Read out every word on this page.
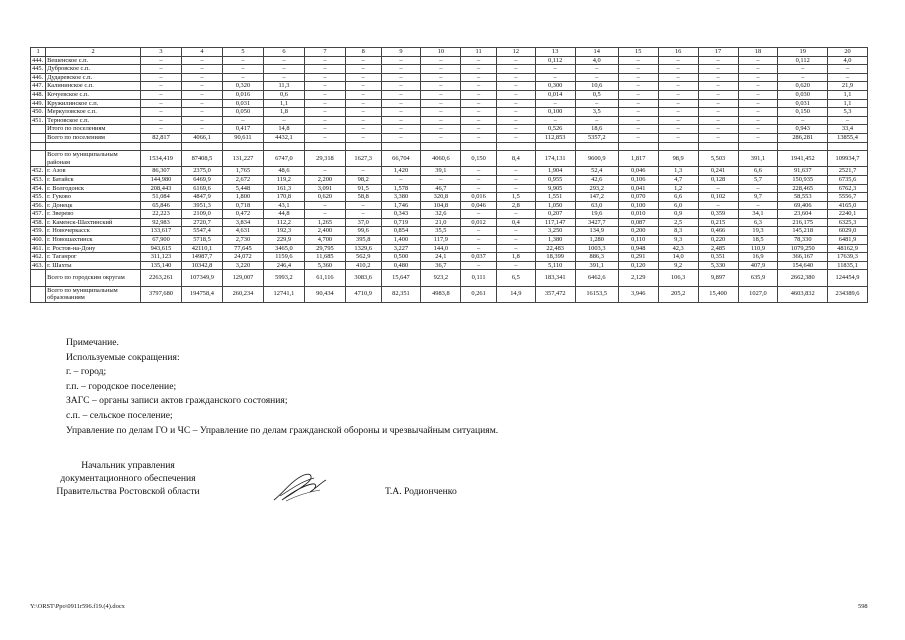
1	2	3	4	5	6	7	8	9	10	11	12	13	14	15	16	17	18	19	20
444.	Вешенское с.п.	–	–	–	–	–	–	–	–	–	–	0,112	4,0	–	–	–	–	0,112	4,0
445.	Дубровское с.п.	–	–	–	–	–	–	–	–	–	–	–	–	–	–	–	–	–	–
446.	Дударевское с.п.	–	–	–	–	–	–	–	–	–	–	–	–	–	–	–	–	–	–
447.	Калининское с.п.	–	–	0,320	11,3	–	–	–	–	–	–	0,300	10,6	–	–	–	–	0,620	21,9
448.	Кочуевское с.п.	–	–	0,016	0,6	–	–	–	–	–	–	0,014	0,5	–	–	–	–	0,030	1,1
449.	Кружилинское с.п.	–	–	0,031	1,1	–	–	–	–	–	–	–	–	–	–	–	–	0,031	1,1
450.	Меркуловское с.п.	–	–	0,050	1,8	–	–	–	–	–	–	0,100	3,5	–	–	–	–	0,150	5,3
451.	Терновское с.п.	–	–	–	–	–	–	–	–	–	–	–	–	–	–	–	–	–	–
	Итого по поселениям	–	–	0,417	14,8	–	–	–	–	–	–	0,526	18,6	–	–	–	–	0,943	33,4
	Всего по поселениям	82,817	4066,1	90,611	4432,1	–	–	–	–	–	–	112,853	5357,2	–	–	–	–	286,281	13855,4

	Всего по муниципальным районам	1534,419	87408,5	131,227	6747,0	29,318	1627,3	66,704	4060,6	0,150	8,4	174,131	9600,9	1,817	98,9	5,503	391,1	1941,452	109934,7
452.	г. Азов	86,307	2375,0	1,765	48,6	–	–	1,420	39,1	–	–	1,904	52,4	0,046	1,3	0,241	6,6	91,637	2521,7
453.	г. Батайск	144,980	6469,9	2,672	119,2	2,200	98,2	–	–	–	–	0,955	42,6	0,106	4,7	0,128	5,7	150,935	6735,6
454.	г. Волгодонск	208,443	6169,6	5,448	161,3	3,091	91,5	1,578	46,7	–	–	9,905	293,2	0,041	1,2	–	–	228,465	6762,3
455.	г. Гуково	51,084	4847,9	1,800	170,8	0,620	58,8	3,380	320,8	0,016	1,5	1,551	147,2	0,070	6,6	0,102	9,7	58,553	5556,7
456.	г. Донецк	65,846	3951,3	0,718	43,1	–	–	1,746	104,8	0,046	2,8	1,050	63,0	0,100	6,0	–	–	69,406	4165,0
457.	г. Зверево	22,223	2109,0	0,472	44,8	–	–	0,343	32,6	–	–	0,207	19,6	0,010	0,9	0,359	34,1	23,604	2240,1
458.	г. Каменск-Шахтинский	92,983	2720,7	3,834	112,2	1,265	37,0	0,719	21,0	0,012	0,4	117,147	3427,7	0,087	2,5	0,215	6,3	216,175	6325,3
459.	г. Новочеркасск	133,617	5547,4	4,631	192,3	2,400	99,6	0,854	35,5	–	–	3,250	134,9	0,200	8,3	0,466	19,3	145,218	6029,0
460.	г. Новошахтинск	67,900	5718,5	2,730	229,9	4,700	395,8	1,400	117,9	–	–	1,380	1,280	0,110	9,3	0,220	18,5	78,330	6481,9
461.	г. Ростов-на-Дону	943,615	42110,1	77,645	3465,0	29,795	1329,6	3,227	144,0	–	–	22,483	1003,3	0,948	42,3	2,485	110,9	1079,250	48162,9
462.	г. Таганрог	311,123	14987,7	24,072	1159,6	11,685	562,9	0,500	24,1	0,037	1,8	18,399	886,3	0,291	14,0	0,351	16,9	366,167	17639,3
463.	г. Шахты	135,140	10342,8	3,220	246,4	5,360	410,2	0,480	36,7	–	–	5,110	391,1	0,120	9,2	5,330	407,9	154,640	11835,1
	Всего по городским округам	2263,261	107349,9	129,007	5993,2	61,116	3083,6	15,647	923,2	0,111	6,5	183,341	6462,6	2,129	106,3	9,897	635,9	2662,380	124454,9
	Всего по муниципальным образованиям	3797,680	194758,4	260,234	12741,1	90,434	4710,9	82,351	4983,8	0,261	14,9	357,472	16153,5	3,946	205,2	15,400	1027,0	4603,832	234389,6
Примечание.
Используемые сокращения:
г. – город;
г.п. – городское поселение;
ЗАГС – органы записи актов гражданского состояния;
с.п. – сельское поселение;
Управление по делам ГО и ЧС – Управление по делам гражданской обороны и чрезвычайным ситуациям.
Начальник управления
документационного обеспечения
Правительства Ростовской области	Т.А. Родионченко
Y:\ORST\Ppo\0911r596.f19.(4).docx	598
